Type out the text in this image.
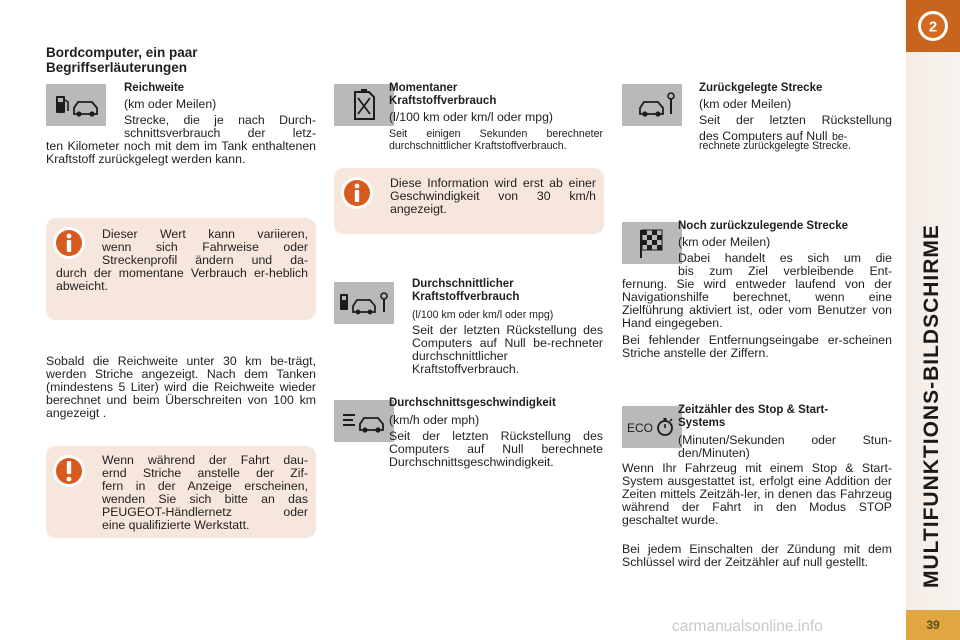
2
MULTIFUNKTIONS-BILDSCHIRME
39
Bordcomputer, ein paar
Begriffserläuterungen
Reichweite
(km oder Meilen)
Strecke, die je nach Durch-
schnittsverbrauch der letz-
ten Kilometer noch mit dem im Tank enthaltenen Kraftstoff zurückgelegt werden kann.
Dieser Wert kann variieren,
wenn sich Fahrweise oder
Streckenprofil ändern und da-
durch der momentane Verbrauch er-heblich abweicht.
Sobald die Reichweite unter 30 km be-trägt, werden Striche angezeigt. Nach dem Tanken (mindestens 5 Liter) wird die Reichweite wieder berechnet und beim Überschreiten von 100 km angezeigt .
Wenn während der Fahrt dau-
ernd Striche anstelle der Zif-
fern in der Anzeige erscheinen,
wenden Sie sich bitte an das
PEUGEOT-Händlernetz oder
eine qualifizierte Werkstatt.
Momentaner
Kraftstoffverbrauch
(l/100 km oder km/l oder mpg)
Seit einigen Sekunden berechneter durchschnittlicher Kraftstoffverbrauch.
Diese Information wird erst ab einer Geschwindigkeit von 30 km/h angezeigt.
Durchschnittlicher
Kraftstoffverbrauch
(l/100 km oder km/l oder mpg)
Seit der letzten Rückstellung des Computers auf Null be-rechneter durchschnittlicher Kraftstoffverbrauch.
Durchschnittsgeschwindigkeit
(km/h oder mph)
Seit der letzten Rückstellung des Computers auf Null berechnete Durchschnittsgeschwindigkeit.
Zurückgelegte Strecke
(km oder Meilen)
Seit der letzten Rückstellung
des Computers auf Null be-
rechnete zurückgelegte Strecke.
Noch zurückzulegende Strecke
(km oder Meilen)
Dabei handelt es sich um die
bis zum Ziel verbleibende Ent-
fernung. Sie wird entweder laufend von der Navigationshilfe berechnet, wenn eine Zielführung aktiviert ist, oder vom Benutzer von Hand eingegeben.
Bei fehlender Entfernungseingabe er-scheinen Striche anstelle der Ziffern.
ECO
Zeitzähler des Stop & Start-
Systems
(Minuten/Sekunden oder Stun-
den/Minuten)
Wenn Ihr Fahrzeug mit einem Stop & Start-System ausgestattet ist, erfolgt eine Addition der Zeiten mittels Zeitzäh-ler, in denen das Fahrzeug während der Fahrt in den Modus STOP geschaltet wurde.
Bei jedem Einschalten der Zündung mit dem Schlüssel wird der Zeitzähler auf null gestellt.
carmanualsonline.info
